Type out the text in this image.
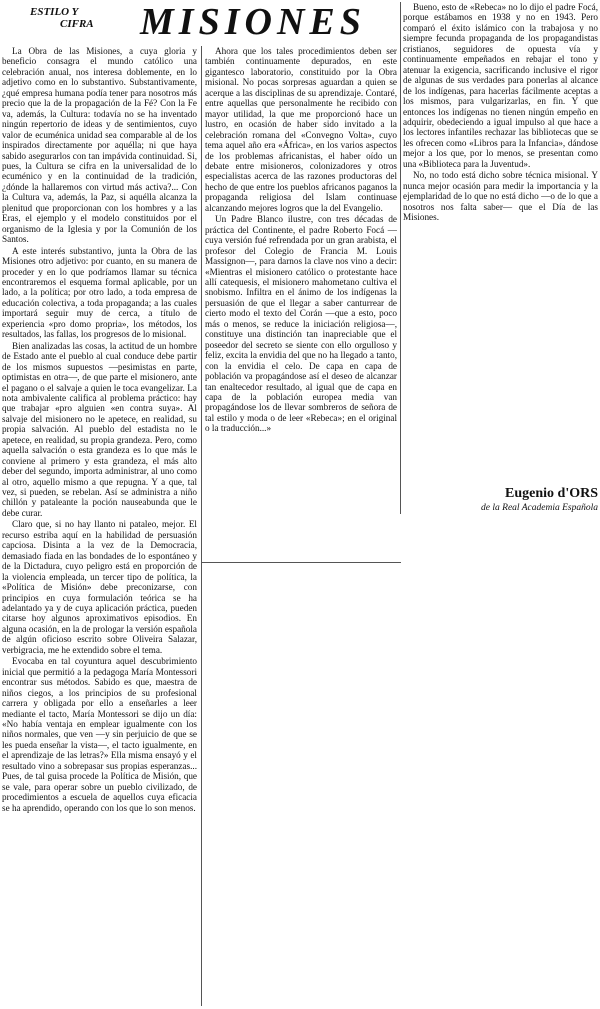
ESTILO Y
CIFRA	MISIONES

La Obra de las Misiones, a cuya gloria y beneficio consagra el mundo católico una celebración anual, nos interesa doblemente, en lo adjetivo como en lo substantivo. Substantivamente, ¿qué empresa humana podía tener para nosotros más precio que la de la propagación de la Fé? Con la Fe va, además, la Cultura: todavía no se ha inventado ningún repertorio de ideas y de sentimientos, cuyo valor de ecuménica unidad sea comparable al de los inspirados directamente por aquélla; ni que haya sabido asegurarlos con tan impávida continuidad. Si, pues, la Cultura se cifra en la universalidad de lo ecuménico y en la continuidad de la tradición, ¿dónde la hallaremos con virtud más activa?... Con la Cultura va, además, la Paz, si aquélla alcanza la plenitud que proporcionan con los hombres y a las Eras, el ejemplo y el modelo constituidos por el organismo de la Iglesia y por la Comunión de los Santos.

A este interés substantivo, junta la Obra de las Misiones otro adjetivo: por cuanto, en su manera de proceder y en lo que podríamos llamar su técnica encontraremos el esquema formal aplicable, por un lado, a la política; por otro lado, a toda empresa de educación colectiva, a toda propaganda; a las cuales importará seguir muy de cerca, a título de experiencia «pro domo propria», los métodos, los resultados, las fallas, los progresos de lo misional.

Bien analizadas las cosas, la actitud de un hombre de Estado ante el pueblo al cual conduce debe partir de los mismos supuestos —pesimistas en parte, optimistas en otra—, de que parte el misionero, ante el pagano o el salvaje a quien le toca evangelizar. La nota ambivalente califica al problema práctico: hay que trabajar «pro alguien «en contra suya». Al salvaje del misionero no le apetece, en realidad, su propia salvación. Al pueblo del estadista no le apetece, en realidad, su propia grandeza. Pero, como aquella salvación o esta grandeza es lo que más le conviene al primero y esta grandeza, el más alto deber del segundo, importa administrar, al uno como al otro, aquello mismo a que repugna. Y a que, tal vez, si pueden, se rebelan. Así se administra a niño chillón y pataleante la poción nauseabunda que le debe curar.

Claro que, si no hay llanto ni pataleo, mejor. El recurso estriba aquí en la habilidad de persuasión capciosa. Disinta a la vez de la Democracia, demasiado fiada en las bondades de lo espontáneo y de la Dictadura, cuyo peligro está en proporción de la violencia empleada, un tercer tipo de política, la «Política de Misión» debe preconizarse, con principios en cuya formulación teórica se ha adelantado ya y de cuya aplicación práctica, pueden citarse hoy algunos aproximativos episodios. En alguna ocasión, en la de prologar la versión española de algún oficioso escrito sobre Oliveira Salazar, verbigracia, me he extendido sobre el tema.

Evocaba en tal coyuntura aquel descubrimiento inicial que permitió a la pedagoga María Montessori encontrar sus métodos. Sabido es que, maestra de niños ciegos, a los principios de su profesional carrera y obligada por ello a enseñarles a leer mediante el tacto, María Montessori se dijo un día: «No había ventaja en emplear igualmente con los niños normales, que ven —y sin perjuicio de que se les pueda enseñar la vista—, el tacto igualmente, en el aprendizaje de las letras?» Ella misma ensayó y el resultado vino a sobrepasar sus propias esperanzas... Pues, de tal guisa procede la Política de Misión, que se vale, para operar sobre un pueblo civilizado, de procedimientos a escuela de aquellos cuya eficacia se ha aprendido, operando con los que lo son menos.

Ahora que los tales procedimientos deben ser también continuamente depurados, en este gigantesco laboratorio, constituido por la Obra misional. No pocas sorpresas aguardan a quien se acerque a las disciplinas de su aprendizaje. Contaré, entre aquellas que personalmente he recibido con mayor utilidad, la que me proporcionó hace un lustro, en ocasión de haber sido invitado a la celebración romana del «Convegno Volta», cuyo tema aquel año era «África», en los varios aspectos de los problemas africanistas, el haber oído un debate entre misioneros, colonizadores y otros especialistas acerca de las razones productoras del hecho de que entre los pueblos africanos paganos la propaganda religiosa del Islam continuase alcanzando mejores logros que la del Evangelio.

Un Padre Blanco ilustre, con tres décadas de práctica del Continente, el padre Roberto Focá —cuya versión fué refrendada por un gran arabista, el profesor del Colegio de Francia M. Louis Massignon—, para darnos la clave nos vino a decir: «Mientras el misionero católico o protestante hace allí catequesis, el misionero mahometano cultiva el snobismo. Infiltra en el ánimo de los indígenas la persuasión de que el llegar a saber canturrear de cierto modo el texto del Corán —que a esto, poco más o menos, se reduce la iniciación religiosa—, constituye una distinción tan inapreciable que el poseedor del secreto se siente con ello orgulloso y feliz, excita la envidia del que no ha llegado a tanto, con la envidia el celo. De capa en capa de población va propagándose así el deseo de alcanzar tan enaltecedor resultado, al igual que de capa en capa de la población europea media van propagándose los de llevar sombreros de señora de tal estilo y moda o de leer «Rebeca»; en el original o la traducción...»

Bueno, esto de «Rebeca» no lo dijo el padre Focá, porque estábamos en 1938 y no en 1943. Pero comparó el éxito islámico con la trabajosa y no siempre fecunda propaganda de los propagandistas cristianos, seguidores de opuesta vía y continuamente empeñados en rebajar el tono y atenuar la exigencia, sacrificando inclusive el rigor de algunas de sus verdades para ponerlas al alcance de los indígenas, para hacerlas fácilmente aceptas a los mismos, para vulgarizarlas, en fin. Y que entonces los indígenas no tienen ningún empeño en adquirir, obedeciendo a igual impulso al que hace a los lectores infantiles rechazar las bibliotecas que se les ofrecen como «Libros para la Infancia», dándose mejor a los que, por lo menos, se presentan como una «Biblioteca para la Juventud».

No, no todo está dicho sobre técnica misional. Y nunca mejor ocasión para medir la importancia y la ejemplaridad de lo que no está dicho —o de lo que a nosotros nos falta saber— que el Día de las Misiones.

Eugenio d'ORS
de la Real Academia Española
